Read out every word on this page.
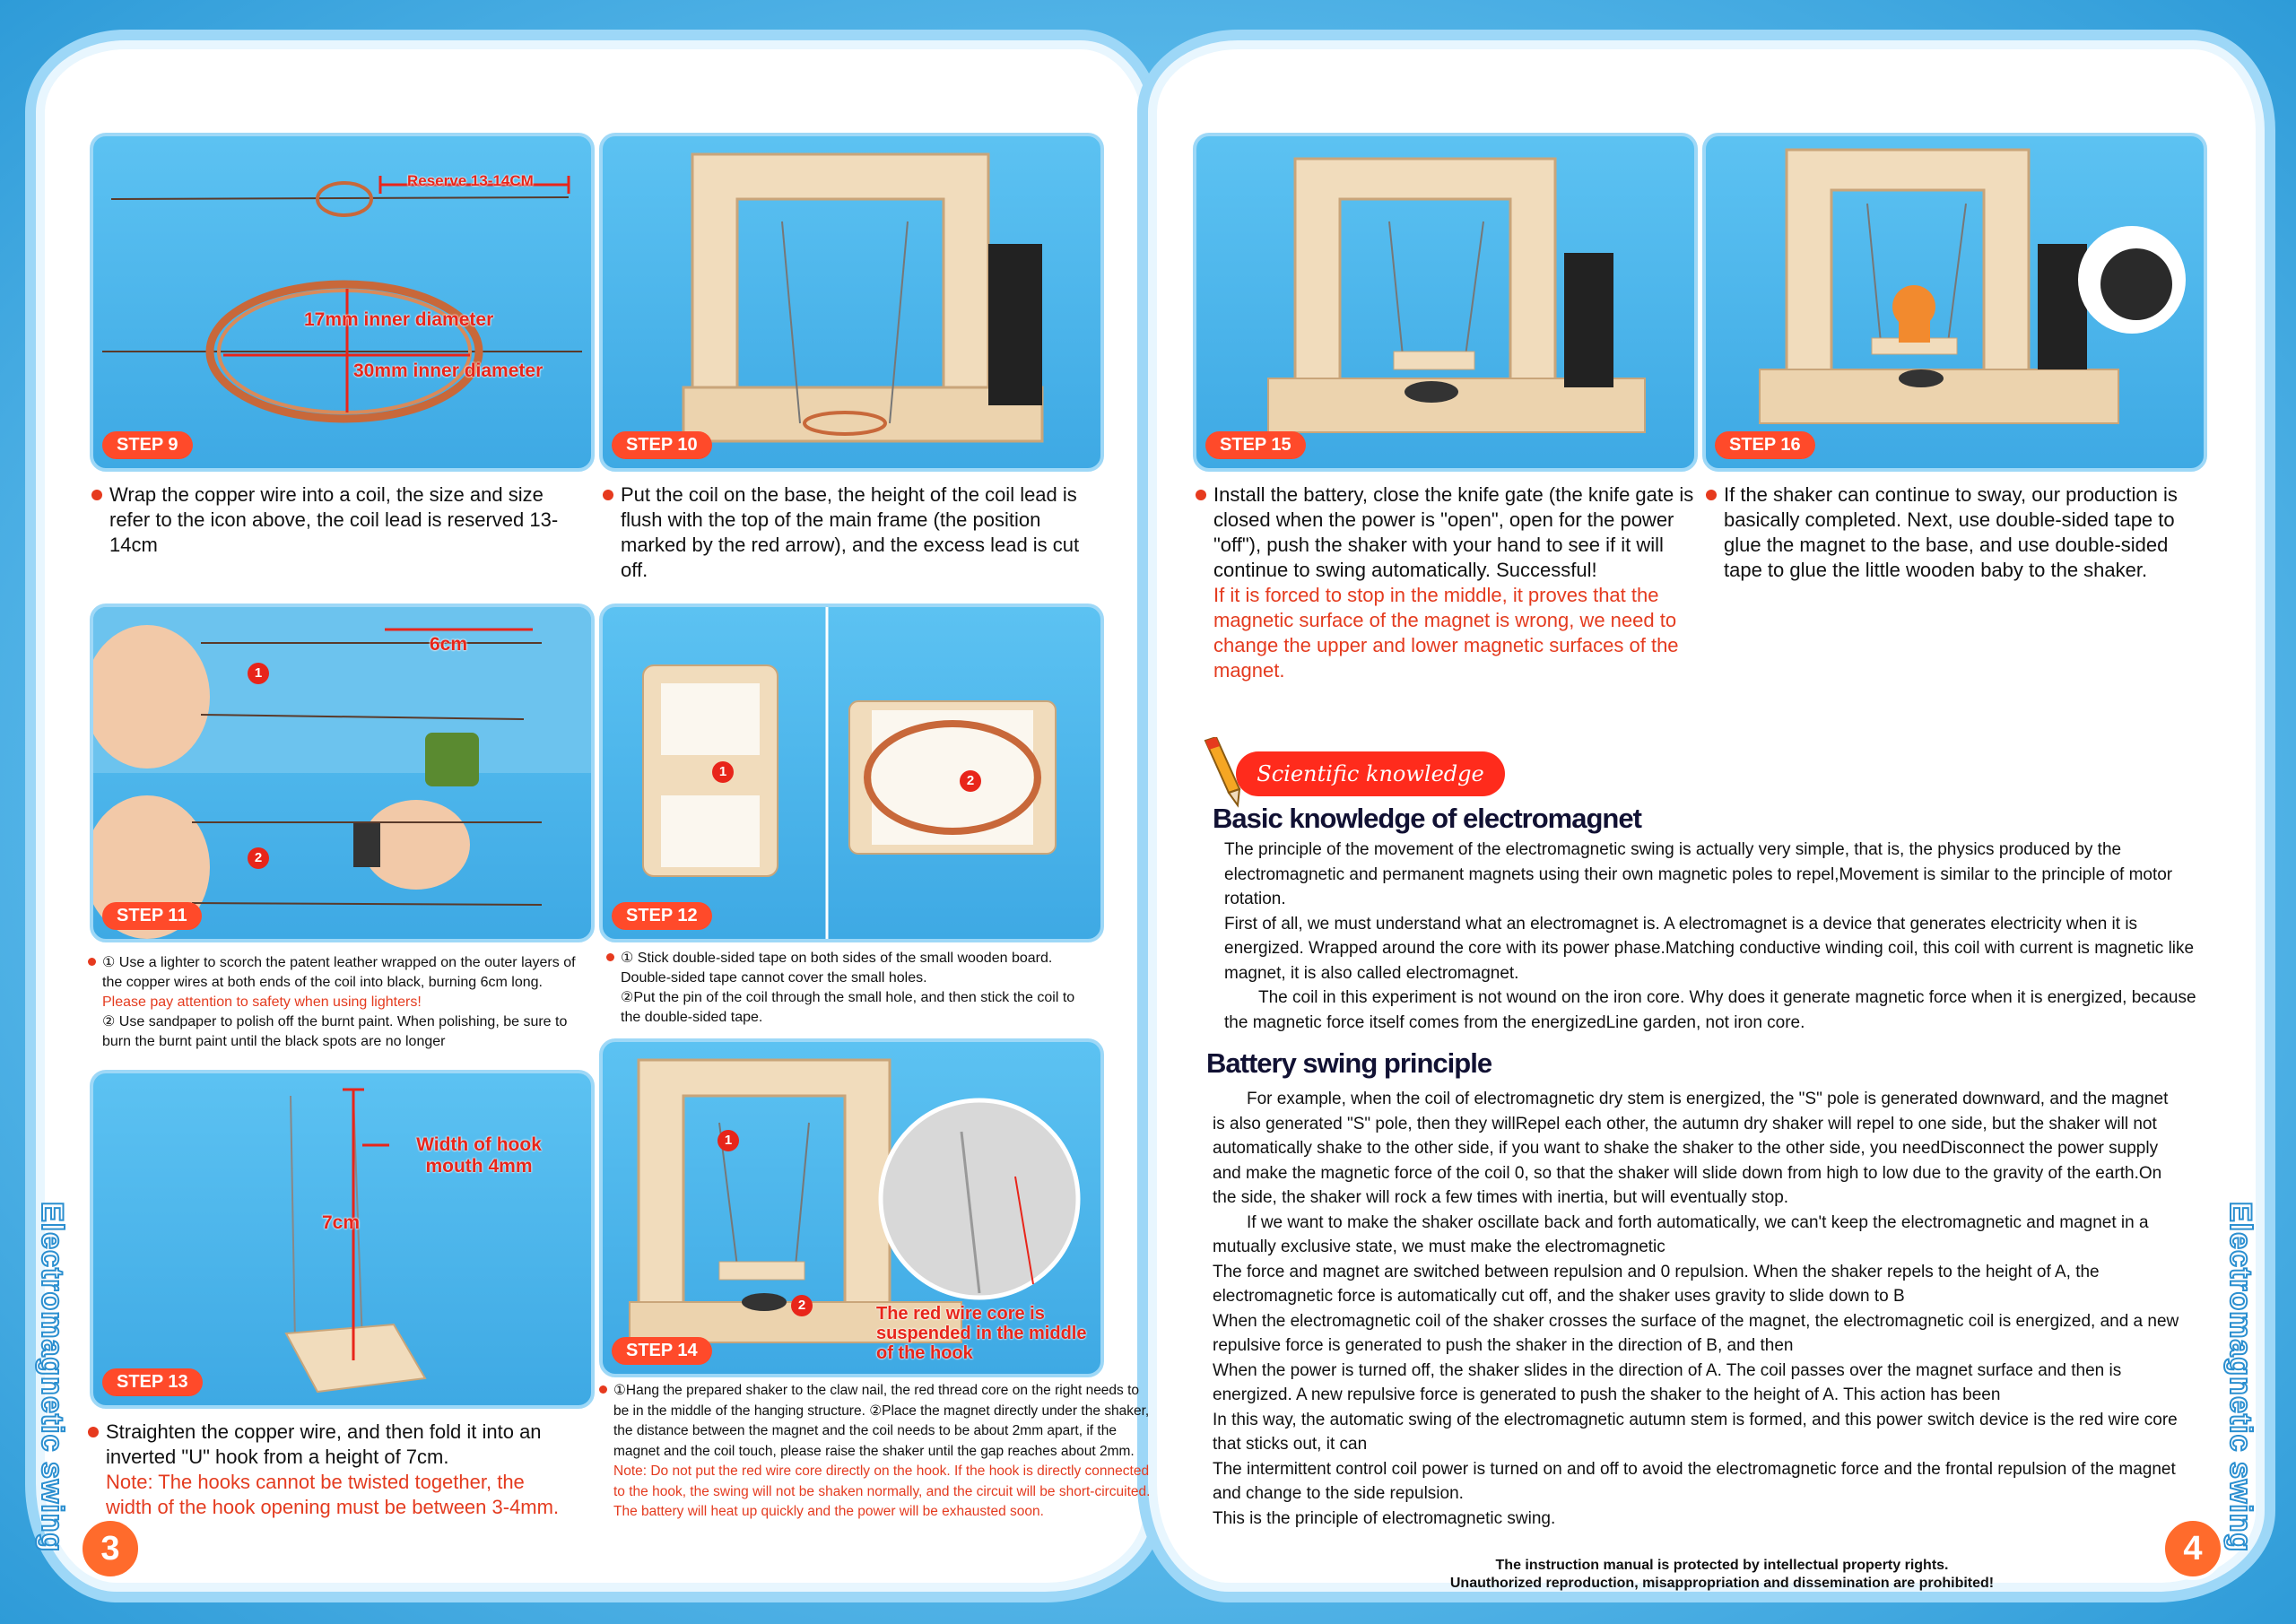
Electromagnetic swing	Electromagnetic swing
3	4
Reserve 13-14CM
17mm inner diameter
30mm inner diameter
STEP 9
Wrap the copper wire into a coil, the size and size refer to the icon above, the coil lead is reserved 13-14cm
STEP 10
Put the coil on the base, the height of the coil lead is flush with the top of the main frame (the position marked by the red arrow), and the excess lead is cut off.
6cm
1
2
STEP 11
① Use a lighter to scorch the patent leather wrapped on the outer layers of the copper wires at both ends of the coil into black, burning 6cm long. Please pay attention to safety when using lighters!
② Use sandpaper to polish off the burnt paint. When polishing, be sure to burn the burnt paint until the black spots are no longer
1
2
STEP 12
① Stick double-sided tape on both sides of the small wooden board. Double-sided tape cannot cover the small holes.
②Put the pin of the coil through the small hole, and then stick the coil to the double-sided tape.
Width of hook mouth 4mm
7cm
STEP 13
Straighten the copper wire, and then fold it into an inverted "U" hook from a height of 7cm.
Note: The hooks cannot be twisted together, the width of the hook opening must be between 3-4mm.
1
2	The red wire core is suspended in the middle of the hook
STEP 14
①Hang the prepared shaker to the claw nail, the red thread core on the right needs to be in the middle of the hanging structure. ②Place the magnet directly under the shaker, the distance between the magnet and the coil needs to be about 2mm apart, if the magnet and the coil touch, please raise the shaker until the gap reaches about 2mm.
Note: Do not put the red wire core directly on the hook. If the hook is directly connected to the hook, the swing will not be shaken normally, and the circuit will be short-circuited. The battery will heat up quickly and the power will be exhausted soon.
STEP 15
Install the battery, close the knife gate (the knife gate is closed when the power is "open", open for the power "off"), push the shaker with your hand to see if it will continue to swing automatically. Successful!
If it is forced to stop in the middle, it proves that the magnetic surface of the magnet is wrong, we need to change the upper and lower magnetic surfaces of the magnet.
STEP 16
If the shaker can continue to sway, our production is basically completed. Next, use double-sided tape to glue the magnet to the base, and use double-sided tape to glue the little wooden baby to the shaker.
Scientific knowledge
Basic knowledge of electromagnet

The principle of the movement of the electromagnetic swing is actually very simple, that is, the physics produced by the electromagnetic and permanent magnets using their own magnetic poles to repel,Movement is similar to the principle of motor rotation.

First of all, we must understand what an electromagnet is. A electromagnet is a device that generates electricity when it is energized. Wrapped around the core with its power phase.Matching conductive winding coil, this coil with current is magnetic like magnet, it is also called electromagnet.

The coil in this experiment is not wound on the iron core. Why does it generate magnetic force when it is energized, because the magnetic force itself comes from the energizedLine garden, not iron core.

Battery swing principle

For example, when the coil of electromagnetic dry stem is energized, the "S" pole is generated downward, and the magnet is also generated "S" pole, then they willRepel each other, the autumn dry shaker will repel to one side, but the shaker will not automatically shake to the other side, if you want to shake the shaker to the other side, you needDisconnect the power supply and make the magnetic force of the coil 0, so that the shaker will slide down from high to low due to the gravity of the earth.On the side, the shaker will rock a few times with inertia, but will eventually stop.

If we want to make the shaker oscillate back and forth automatically, we can't keep the electromagnetic and magnet in a mutually exclusive state, we must make the electromagnetic

The force and magnet are switched between repulsion and 0 repulsion. When the shaker repels to the height of A, the electromagnetic force is automatically cut off, and the shaker uses gravity to slide down to B

When the electromagnetic coil of the shaker crosses the surface of the magnet, the electromagnetic coil is energized, and a new repulsive force is generated to push the shaker in the direction of B, and then

When the power is turned off, the shaker slides in the direction of A. The coil passes over the magnet surface and then is energized. A new repulsive force is generated to push the shaker to the height of A. This action has been

In this way, the automatic swing of the electromagnetic autumn stem is formed, and this power switch device is the red wire core that sticks out, it can

The intermittent control coil power is turned on and off to avoid the electromagnetic force and the frontal repulsion of the magnet and change to the side repulsion.

This is the principle of electromagnetic swing.

The instruction manual is protected by intellectual property rights.
Unauthorized reproduction, misappropriation and dissemination are prohibited!
